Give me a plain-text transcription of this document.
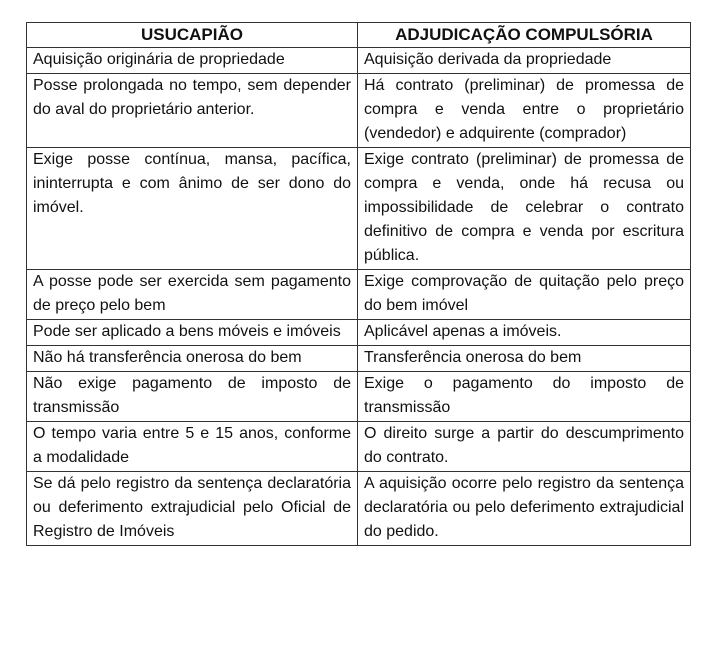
USUCAPIÃO	ADJUDICAÇÃO COMPULSÓRIA
Aquisição originária de propriedade	Aquisição derivada da propriedade
Posse prolongada no tempo, sem depender do aval do proprietário anterior.	Há contrato (preliminar) de promessa de compra e venda entre o proprietário (vendedor) e adquirente (comprador)
Exige posse contínua, mansa, pacífica, ininterrupta e com ânimo de ser dono do imóvel.	Exige contrato (preliminar) de promessa de compra e venda, onde há recusa ou impossibilidade de celebrar o contrato definitivo de compra e venda por escritura pública.
A posse pode ser exercida sem pagamento de preço pelo bem	Exige comprovação de quitação pelo preço do bem imóvel
Pode ser aplicado a bens móveis e imóveis	Aplicável apenas a imóveis.
Não há transferência onerosa do bem	Transferência onerosa do bem
Não exige pagamento de imposto de transmissão	Exige o pagamento do imposto de transmissão
O tempo varia entre 5 e 15 anos, conforme a modalidade	O direito surge a partir do descumprimento do contrato.
Se dá pelo registro da sentença declaratória ou deferimento extrajudicial pelo Oficial de Registro de Imóveis	A aquisição ocorre pelo registro da sentença declaratória ou pelo deferimento extrajudicial do pedido.
